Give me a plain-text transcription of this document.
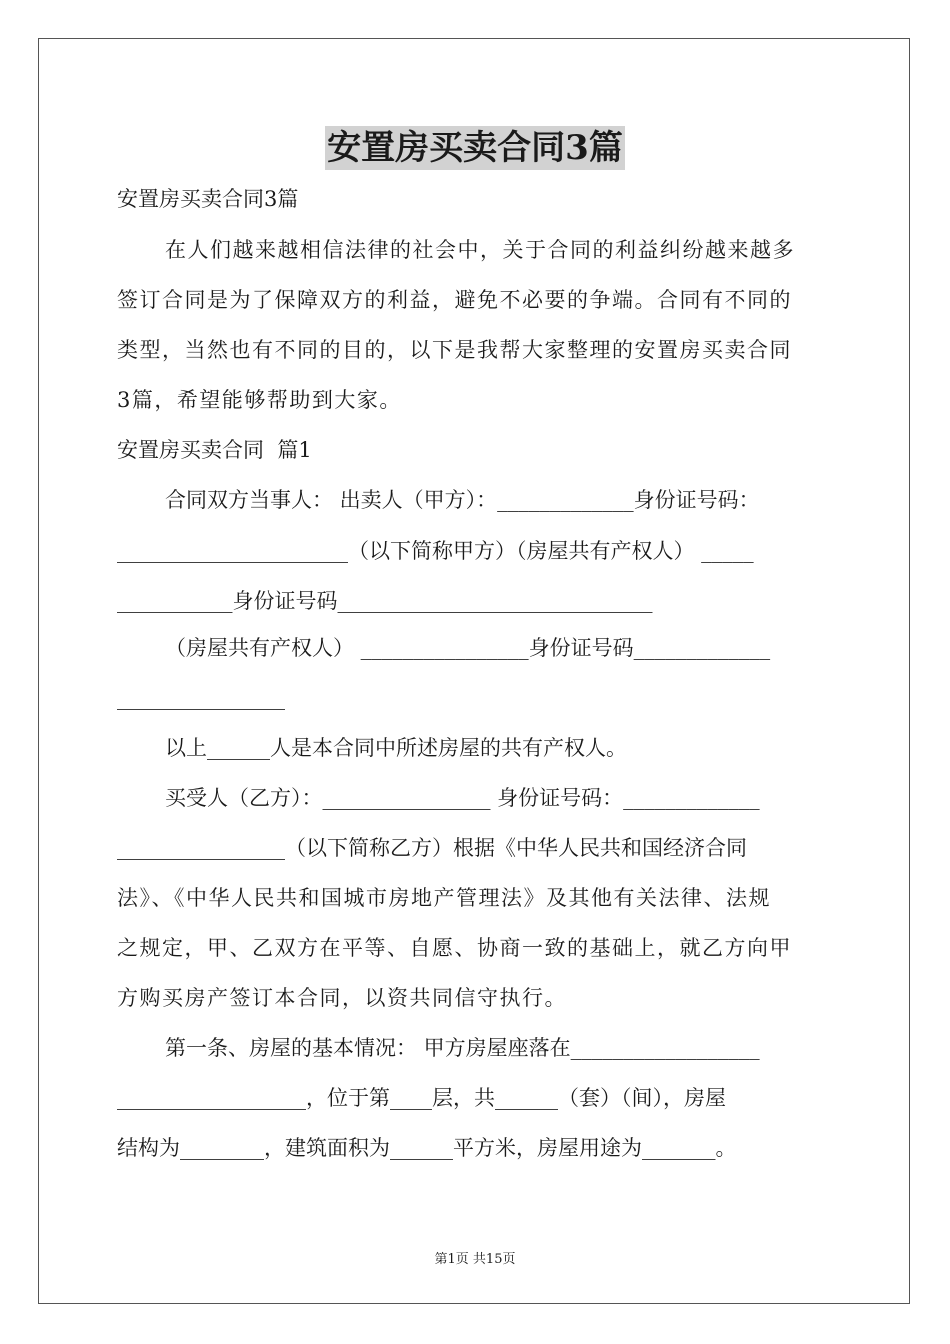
安置房买卖合同3篇
安置房买卖合同3篇
在人们越来越相信法律的社会中，关于合同的利益纠纷越来越多
签订合同是为了保障双方的利益，避免不必要的争端。合同有不同的
类型，当然也有不同的目的，以下是我帮大家整理的安置房买卖合同
3篇，希望能够帮助到大家。
安置房买卖合同  篇1
合同双方当事人： 出卖人（甲方）：_____________身份证号码：
______________________（以下简称甲方）（房屋共有产权人） _____
___________身份证号码______________________________
（房屋共有产权人） ________________身份证号码_____________
________________
以上______人是本合同中所述房屋的共有产权人。
买受人（乙方）：________________ 身份证号码：_____________
________________（以下简称乙方）根据《中华人民共和国经济合同
法》、《中华人民共和国城市房地产管理法》及其他有关法律、法规
之规定，甲、乙双方在平等、自愿、协商一致的基础上，就乙方向甲
方购买房产签订本合同，以资共同信守执行。
第一条、房屋的基本情况： 甲方房屋座落在__________________
__________________，位于第____层，共______（套）（间），房屋
结构为________，建筑面积为______平方米，房屋用途为_______。
第1页 共15页
